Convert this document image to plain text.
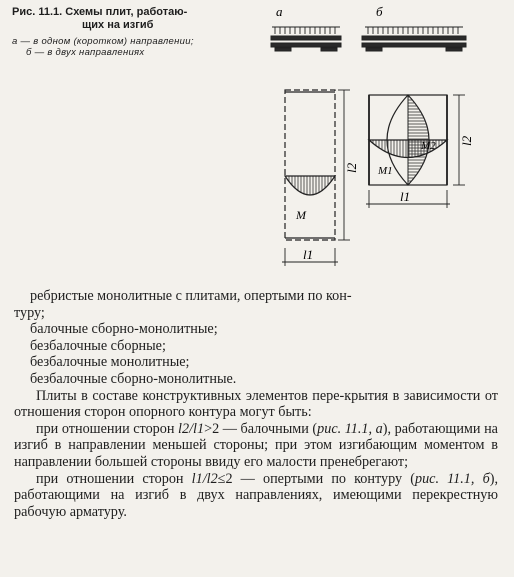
Рис. 11.1. Схемы плит, работаю-
щих на изгиб
а — в одном (коротком) направлении;
б — в двух направлениях
а	б
M
l2
l1
M2
M1
l2
l1

ребристые монолитные с плитами, опертыми по кон-

туру;

балочные сборно-монолитные;

безбалочные сборные;

безбалочные монолитные;

безбалочные сборно-монолитные.

Плиты в составе конструктивных элементов пере-крытия в зависимости от отношения сторон опорного контура могут быть:

при отношении сторон l2/l1>2 — балочными (рис. 11.1, а), работающими на изгиб в направлении меньшей стороны; при этом изгибающим моментом в направлении большей стороны ввиду его малости пренебрегают;

при отношении сторон l1/l2≤2 — опертыми по контуру (рис. 11.1, б), работающими на изгиб в двух направлениях, имеющими перекрестную рабочую арматуру.
